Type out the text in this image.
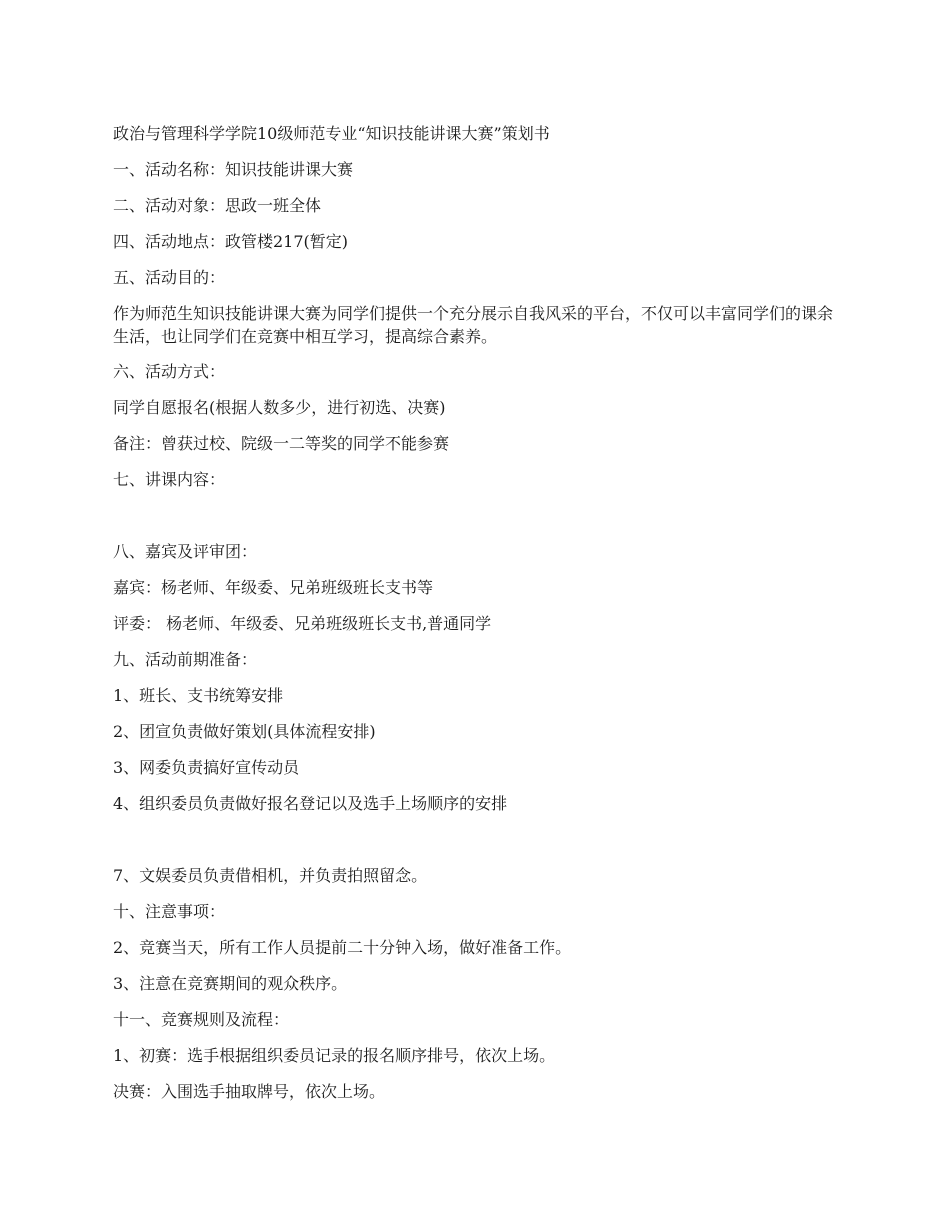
政治与管理科学学院10级师范专业“知识技能讲课大赛”策划书

一、活动名称：知识技能讲课大赛

二、活动对象：思政一班全体

四、活动地点：政管楼217(暂定)

五、活动目的：

作为师范生知识技能讲课大赛为同学们提供一个充分展示自我风采的平台，不仅可以丰富同学们的课余生活，也让同学们在竞赛中相互学习，提高综合素养。

六、活动方式：

同学自愿报名(根据人数多少，进行初选、决赛)

备注：曾获过校、院级一二等奖的同学不能参赛

七、讲课内容：

八、嘉宾及评审团：

嘉宾：杨老师、年级委、兄弟班级班长支书等

评委： 杨老师、年级委、兄弟班级班长支书,普通同学

九、活动前期准备：

1、班长、支书统筹安排

2、团宣负责做好策划(具体流程安排)

3、网委负责搞好宣传动员

4、组织委员负责做好报名登记以及选手上场顺序的安排

7、文娱委员负责借相机，并负责拍照留念。

十、注意事项：

2、竞赛当天，所有工作人员提前二十分钟入场，做好准备工作。

3、注意在竞赛期间的观众秩序。

十一、竞赛规则及流程：

1、初赛：选手根据组织委员记录的报名顺序排号，依次上场。

决赛：入围选手抽取牌号，依次上场。
